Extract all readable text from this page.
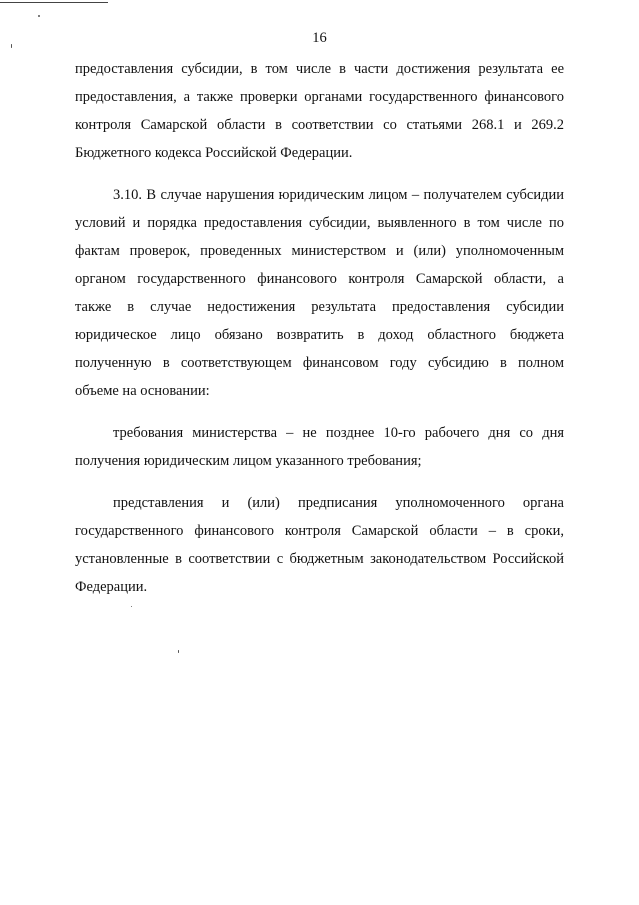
16
предоставления субсидии, в том числе в части достижения результата ее
предоставления, а также проверки органами государственного финансового
контроля Самарской области в соответствии со статьями 268.1 и 269.2
Бюджетного кодекса Российской Федерации.
3.10. В случае нарушения юридическим лицом – получателем субсидии
условий и порядка предоставления субсидии, выявленного в том числе по
фактам проверок, проведенных министерством и (или) уполномоченным
органом государственного финансового контроля Самарской области, а
также в случае недостижения результата предоставления субсидии
юридическое лицо обязано возвратить в доход областного бюджета
полученную в соответствующем финансовом году субсидию в полном
объеме на основании:
требования министерства – не позднее 10-го рабочего дня со дня
получения юридическим лицом указанного требования;
представления и (или) предписания уполномоченного органа
государственного финансового контроля Самарской области – в сроки,
установленные в соответствии с бюджетным законодательством Российской
Федерации.
